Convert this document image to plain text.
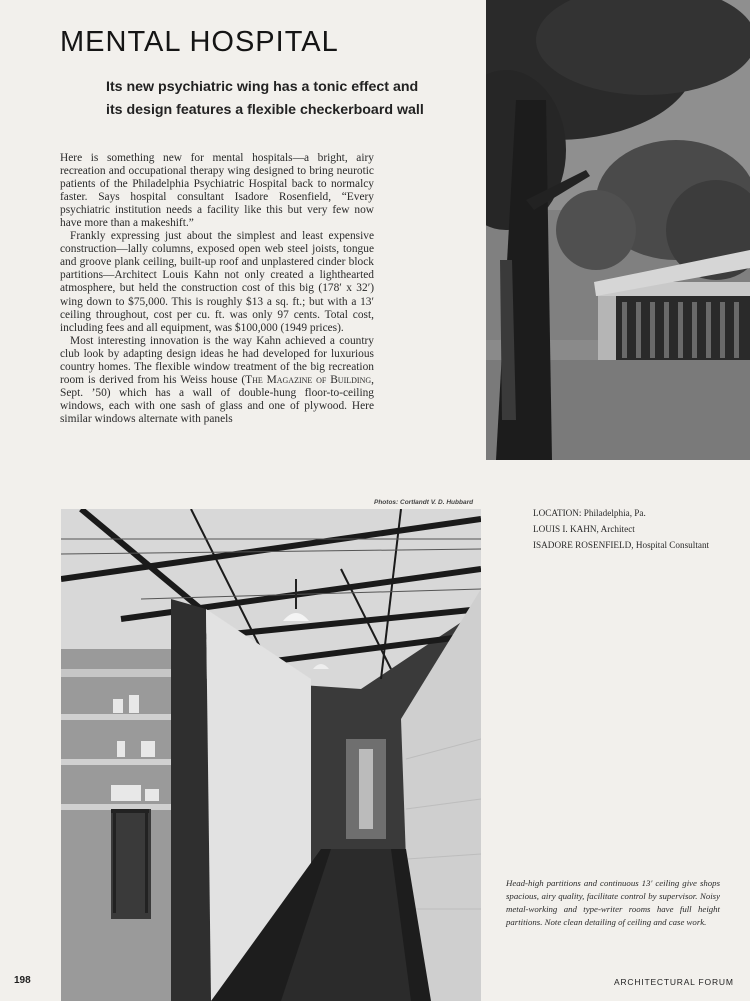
MENTAL HOSPITAL
Its new psychiatric wing has a tonic effect and
its design features a flexible checkerboard wall

Here is something new for mental hospitals—a bright, airy recreation and occupational therapy wing designed to bring neurotic patients of the Philadelphia Psychiatric Hospital back to normalcy faster. Says hospital consultant Isadore Rosenfield, “Every psychiatric institution needs a facility like this but very few now have more than a makeshift.”

Frankly expressing just about the simplest and least expensive construction—lally columns, exposed open web steel joists, tongue and groove plank ceiling, built-up roof and unplastered cinder block partitions—Architect Louis Kahn not only created a lighthearted atmosphere, but held the construction cost of this big (178′ x 32′) wing down to $75,000. This is roughly $13 a sq. ft.; but with a 13′ ceiling throughout, cost per cu. ft. was only 97 cents. Total cost, including fees and all equipment, was $100,000 (1949 prices).

Most interesting innovation is the way Kahn achieved a country club look by adapting design ideas he had developed for luxurious country homes. The flexible window treatment of the big recreation room is derived from his Weiss house (The Magazine of Building, Sept. ’50) which has a wall of double-hung floor-to-ceiling windows, each with one sash of glass and one of plywood. Here similar windows alternate with panels

Photos: Cortlandt V. D. Hubbard

LOCATION: Philadelphia, Pa.
LOUIS I. KAHN, Architect
ISADORE ROSENFIELD, Hospital Consultant

Head-high partitions and continuous 13′ ceiling give shops spacious, airy quality, facilitate control by supervisor. Noisy metal-working and type-writer rooms have full height partitions. Note clean detailing of ceiling and case work.

198	ARCHITECTURAL FORUM
